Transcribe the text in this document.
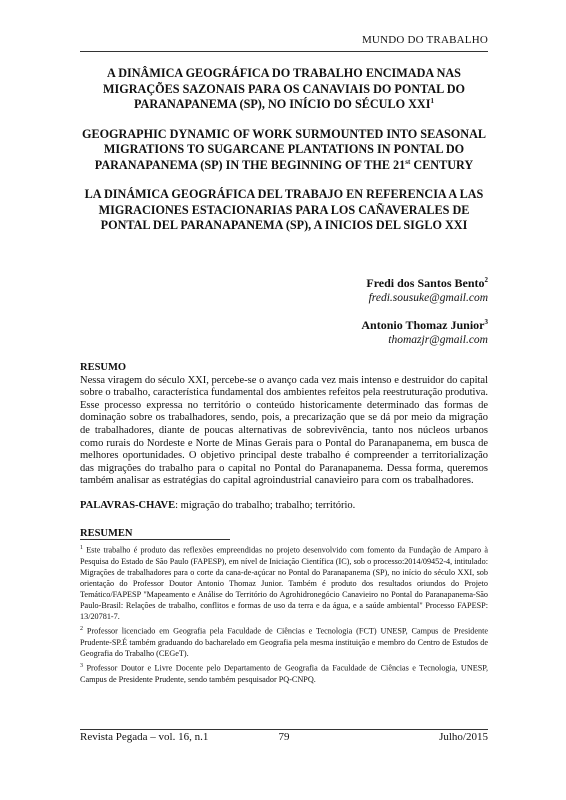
MUNDO DO TRABALHO

A DINÂMICA GEOGRÁFICA DO TRABALHO ENCIMADA NAS MIGRAÇÕES SAZONAIS PARA OS CANAVIAIS DO PONTAL DO PARANAPANEMA (SP), NO INÍCIO DO SÉCULO XXI$^1$

GEOGRAPHIC DYNAMIC OF WORK SURMOUNTED INTO SEASONAL MIGRATIONS TO SUGARCANE PLANTATIONS IN PONTAL DO PARANAPANEMA (SP) IN THE BEGINNING OF THE 21st CENTURY

LA DINÁMICA GEOGRÁFICA DEL TRABAJO EN REFERENCIA A LAS MIGRACIONES ESTACIONARIAS PARA LOS CAÑAVERALES DE PONTAL DEL PARANAPANEMA (SP), A INICIOS DEL SIGLO XXI

Fredi dos Santos Bento$^2$
fredi.sousuke@gmail.com
Antonio Thomaz Junior$^3$
thomazjr@gmail.com
RESUMO

Nessa viragem do século XXI, percebe-se o avanço cada vez mais intenso e destruidor do capital sobre o trabalho, característica fundamental dos ambientes refeitos pela reestruturação produtiva. Esse processo expressa no território o conteúdo historicamente determinado das formas de dominação sobre os trabalhadores, sendo, pois, a precarização que se dá por meio da migração de trabalhadores, diante de poucas alternativas de sobrevivência, tanto nos núcleos urbanos como rurais do Nordeste e Norte de Minas Gerais para o Pontal do Paranapanema, em busca de melhores oportunidades. O objetivo principal deste trabalho é compreender a territorialização das migrações do trabalho para o capital no Pontal do Paranapanema. Dessa forma, queremos também analisar as estratégias do capital agroindustrial canavieiro para com os trabalhadores.

PALAVRAS-CHAVE: migração do trabalho; trabalho; território.
RESUMEN

$^1$ Este trabalho é produto das reflexões empreendidas no projeto desenvolvido com fomento da Fundação de Amparo à Pesquisa do Estado de São Paulo (FAPESP), em nível de Iniciação Científica (IC), sob o processo:2014/09452-4, intitulado: Migrações de trabalhadores para o corte da cana-de-açúcar no Pontal do Paranapanema (SP), no início do século XXI, sob orientação do Professor Doutor Antonio Thomaz Junior. Também é produto dos resultados oriundos do Projeto Temático/FAPESP "Mapeamento e Análise do Território do Agrohidronegócio Canavieiro no Pontal do Paranapanema-São Paulo-Brasil: Relações de trabalho, conflitos e formas de uso da terra e da água, e a saúde ambiental" Processo FAPESP: 13/20781-7.

$^2$ Professor licenciado em Geografia pela Faculdade de Ciências e Tecnologia (FCT) UNESP, Campus de Presidente Prudente-SP.É também graduando do bacharelado em Geografia pela mesma instituição e membro do Centro de Estudos de Geografia do Trabalho (CEGeT).

$^3$ Professor Doutor e Livre Docente pelo Departamento de Geografia da Faculdade de Ciências e Tecnologia, UNESP, Campus de Presidente Prudente, sendo também pesquisador PQ-CNPQ.

Revista Pegada – vol. 16, n.1	79	Julho/2015
